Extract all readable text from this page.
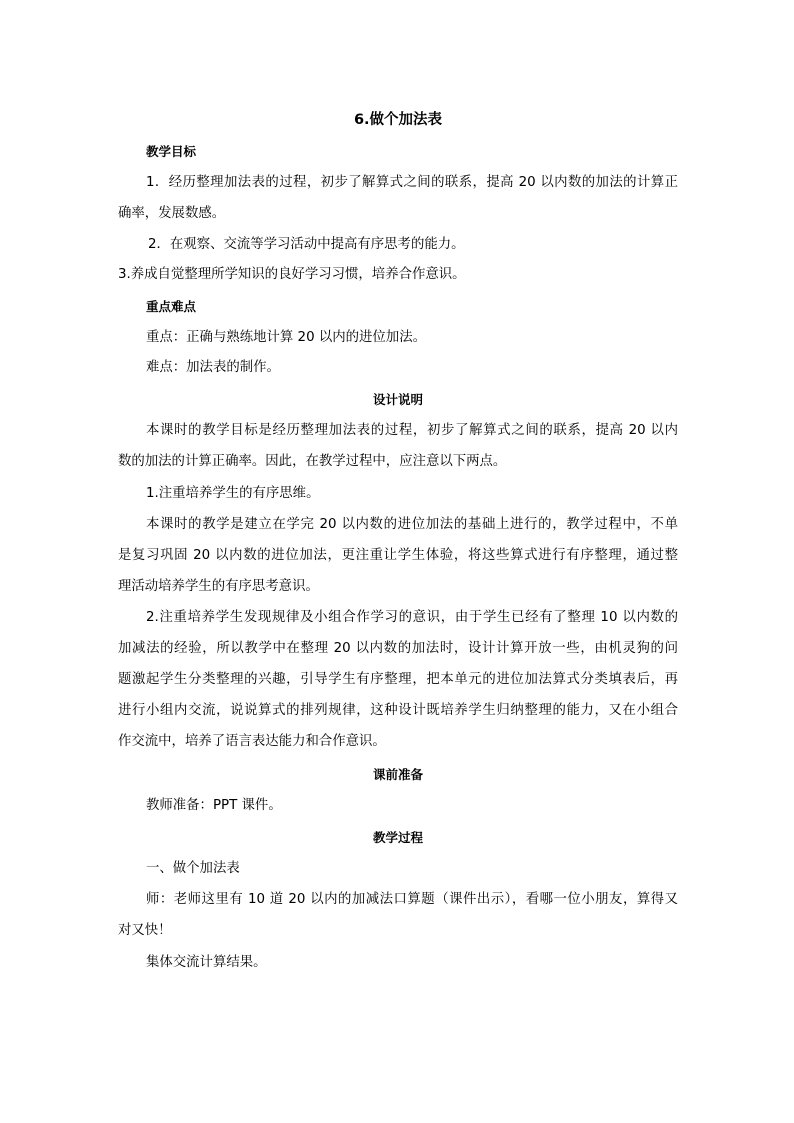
6.做个加法表
教学目标
1．经历整理加法表的过程，初步了解算式之间的联系，提高 20 以内数的加法的计算正
确率，发展数感。
2．在观察、交流等学习活动中提高有序思考的能力。
3.养成自觉整理所学知识的良好学习习惯，培养合作意识。
重点难点
重点：正确与熟练地计算 20 以内的进位加法。
难点：加法表的制作。
设计说明
本课时的教学目标是经历整理加法表的过程，初步了解算式之间的联系，提高 20 以内
数的加法的计算正确率。因此，在教学过程中，应注意以下两点。
1.注重培养学生的有序思维。
本课时的教学是建立在学完 20 以内数的进位加法的基础上进行的，教学过程中，不单
是复习巩固 20 以内数的进位加法，更注重让学生体验，将这些算式进行有序整理，通过整
理活动培养学生的有序思考意识。
2.注重培养学生发现规律及小组合作学习的意识，由于学生已经有了整理 10 以内数的
加减法的经验，所以教学中在整理 20 以内数的加法时，设计计算开放一些，由机灵狗的问
题激起学生分类整理的兴趣，引导学生有序整理，把本单元的进位加法算式分类填表后，再
进行小组内交流，说说算式的排列规律，这种设计既培养学生归纳整理的能力，又在小组合
作交流中，培养了语言表达能力和合作意识。
课前准备
教师准备：PPT 课件。
教学过程
一、做个加法表
师：老师这里有 10 道 20 以内的加减法口算题（课件出示），看哪一位小朋友，算得又
对又快！
集体交流计算结果。
